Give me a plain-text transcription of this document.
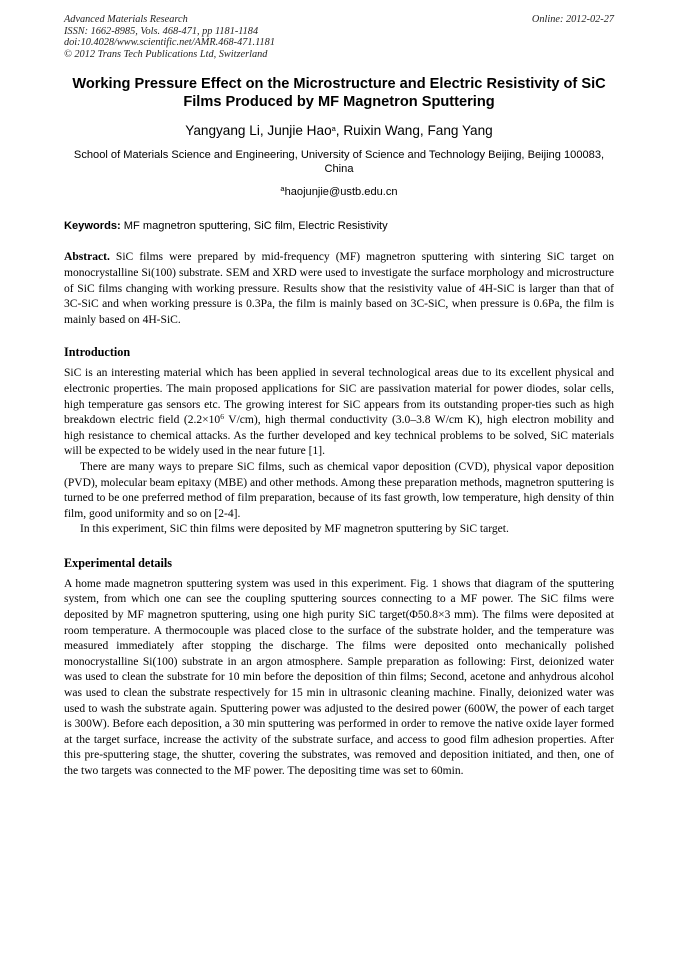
Advanced Materials Research
ISSN: 1662-8985, Vols. 468-471, pp 1181-1184
doi:10.4028/www.scientific.net/AMR.468-471.1181
© 2012 Trans Tech Publications Ltd, Switzerland
Online: 2012-02-27
Working Pressure Effect on the Microstructure and Electric Resistivity of SiC Films Produced by MF Magnetron Sputtering
Yangyang Li, Junjie Hao$^a$, Ruixin Wang, Fang Yang
School of Materials Science and Engineering, University of Science and Technology Beijing, Beijing 100083, China
$^a$haojunjie@ustb.edu.cn
Keywords: MF magnetron sputtering, SiC film, Electric Resistivity

Abstract. SiC films were prepared by mid-frequency (MF) magnetron sputtering with sintering SiC target on monocrystalline Si(100) substrate. SEM and XRD were used to investigate the surface morphology and microstructure of SiC films changing with working pressure. Results show that the resistivity value of 4H-SiC is larger than that of 3C-SiC and when working pressure is 0.3Pa, the film is mainly based on 3C-SiC, when pressure is 0.6Pa, the film is mainly based on 4H-SiC.

Introduction

SiC is an interesting material which has been applied in several technological areas due to its excellent physical and electronic properties. The main proposed applications for SiC are passivation material for power diodes, solar cells, high temperature gas sensors etc. The growing interest for SiC appears from its outstanding proper-ties such as high breakdown electric field ($2.2\times 10^6$ V/cm), high thermal conductivity (3.0–3.8 W/cm K), high electron mobility and high resistance to chemical attacks. As the further developed and key technical problems to be solved, SiC materials will be expected to be widely used in the near future [1].

There are many ways to prepare SiC films, such as chemical vapor deposition (CVD), physical vapor deposition (PVD), molecular beam epitaxy (MBE) and other methods. Among these preparation methods, magnetron sputtering is turned to be one preferred method of film preparation, because of its fast growth, low temperature, high density of thin film, good uniformity and so on [2-4].

In this experiment, SiC thin films were deposited by MF magnetron sputtering by SiC target.

Experimental details

A home made magnetron sputtering system was used in this experiment. Fig. 1 shows that diagram of the sputtering system, from which one can see the coupling sputtering sources connecting to a MF power. The SiC films were deposited by MF magnetron sputtering, using one high purity SiC target(Φ50.8×3 mm). The films were deposited at room temperature. A thermocouple was placed close to the surface of the substrate holder, and the temperature was measured immediately after stopping the discharge. The films were deposited onto mechanically polished monocrystalline Si(100) substrate in an argon atmosphere. Sample preparation as following: First, deionized water was used to clean the substrate for 10 min before the deposition of thin films; Second, acetone and anhydrous alcohol was used to clean the substrate respectively for 15 min in ultrasonic cleaning machine. Finally, deionized water was used to wash the substrate again. Sputtering power was adjusted to the desired power (600W, the power of each target is 300W). Before each deposition, a 30 min sputtering was performed in order to remove the native oxide layer formed at the target surface, increase the activity of the substrate surface, and access to good film adhesion properties. After this pre-sputtering stage, the shutter, covering the substrates, was removed and deposition initiated, and then, one of the two targets was connected to the MF power. The depositing time was set to 60min.
